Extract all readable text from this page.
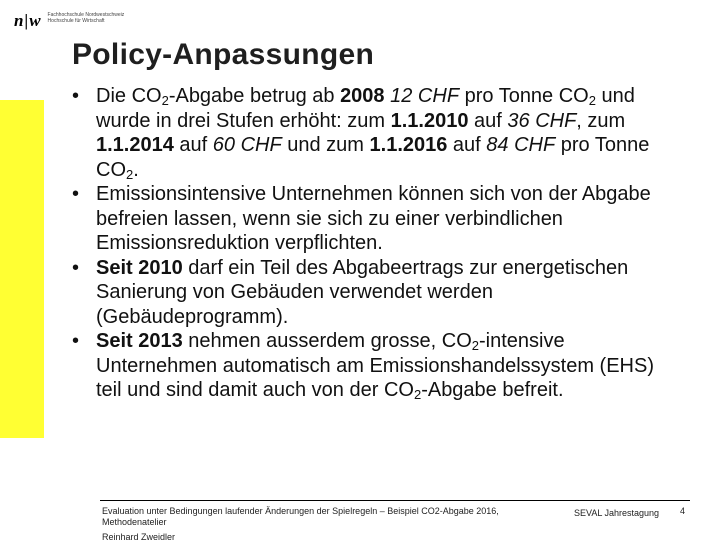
n|w Fachhochschule Nordwestschweiz Hochschule für Wirtschaft
Policy-Anpassungen
• Die $CO_2$-Abgabe betrug ab 2008 12 CHF pro Tonne $CO_2$ und wurde in drei Stufen erhöht: zum 1.1.2010 auf 36 CHF, zum 1.1.2014 auf 60 CHF und zum 1.1.2016 auf 84 CHF pro Tonne $CO_2$.
• Emissionsintensive Unternehmen können sich von der Abgabe befreien lassen, wenn sie sich zu einer verbindlichen Emissionsreduktion verpflichten.
• Seit 2010 darf ein Teil des Abgabeertrags zur energetischen Sanierung von Gebäuden verwendet werden (Gebäudeprogramm).
• Seit 2013 nehmen ausserdem grosse, $CO_2$-intensive Unternehmen automatisch am Emissionshandelssystem (EHS) teil und sind damit auch von der $CO_2$-Abgabe befreit.
Evaluation unter Bedingungen laufender Änderungen der Spielregeln – Beispiel CO2-Abgabe 2016, Methodenatelier
SEVAL Jahrestagung 4
Reinhard Zweidler
